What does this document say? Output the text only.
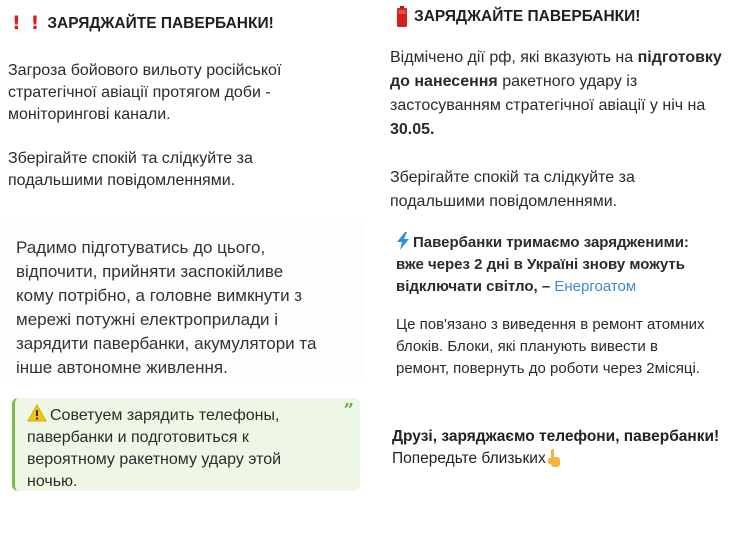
! ! ЗАРЯДЖАЙТЕ ПАВЕРБАНКИ!
Загроза бойового вильоту російської
стратегічної авіації протягом доби -
моніторингові канали.
Зберігайте спокій та слідкуйте за
подальшими повідомленнями.
Радимо підготуватись до цього,
відпочити, прийняти заспокійливе
кому потрібно, а головне вимкнути з
мережі потужні електроприлади і
зарядити павербанки, акумулятори та
інше автономне живлення.
Советуем зарядить телефоны,
павербанки и подготовиться к
вероятному ракетному удару этой
ночью.
”
ЗАРЯДЖАЙТЕ ПАВЕРБАНКИ!
Відмічено дії рф, які вказують на підготовку
до нанесення ракетного удару із
застосуванням стратегічної авіації у ніч на
30.05.
Зберігайте спокій та слідкуйте за
подальшими повідомленнями.
Павербанки тримаємо зарядженими:
вже через 2 дні в Україні знову можуть
відключати світло, – Енергоатом
Це пов'язано з виведення в ремонт атомних
блоків. Блоки, які планують вивести в
ремонт, повернуть до роботи через 2місяці.
Друзі, заряджаємо телефони, павербанки!
Попередьте близьких
